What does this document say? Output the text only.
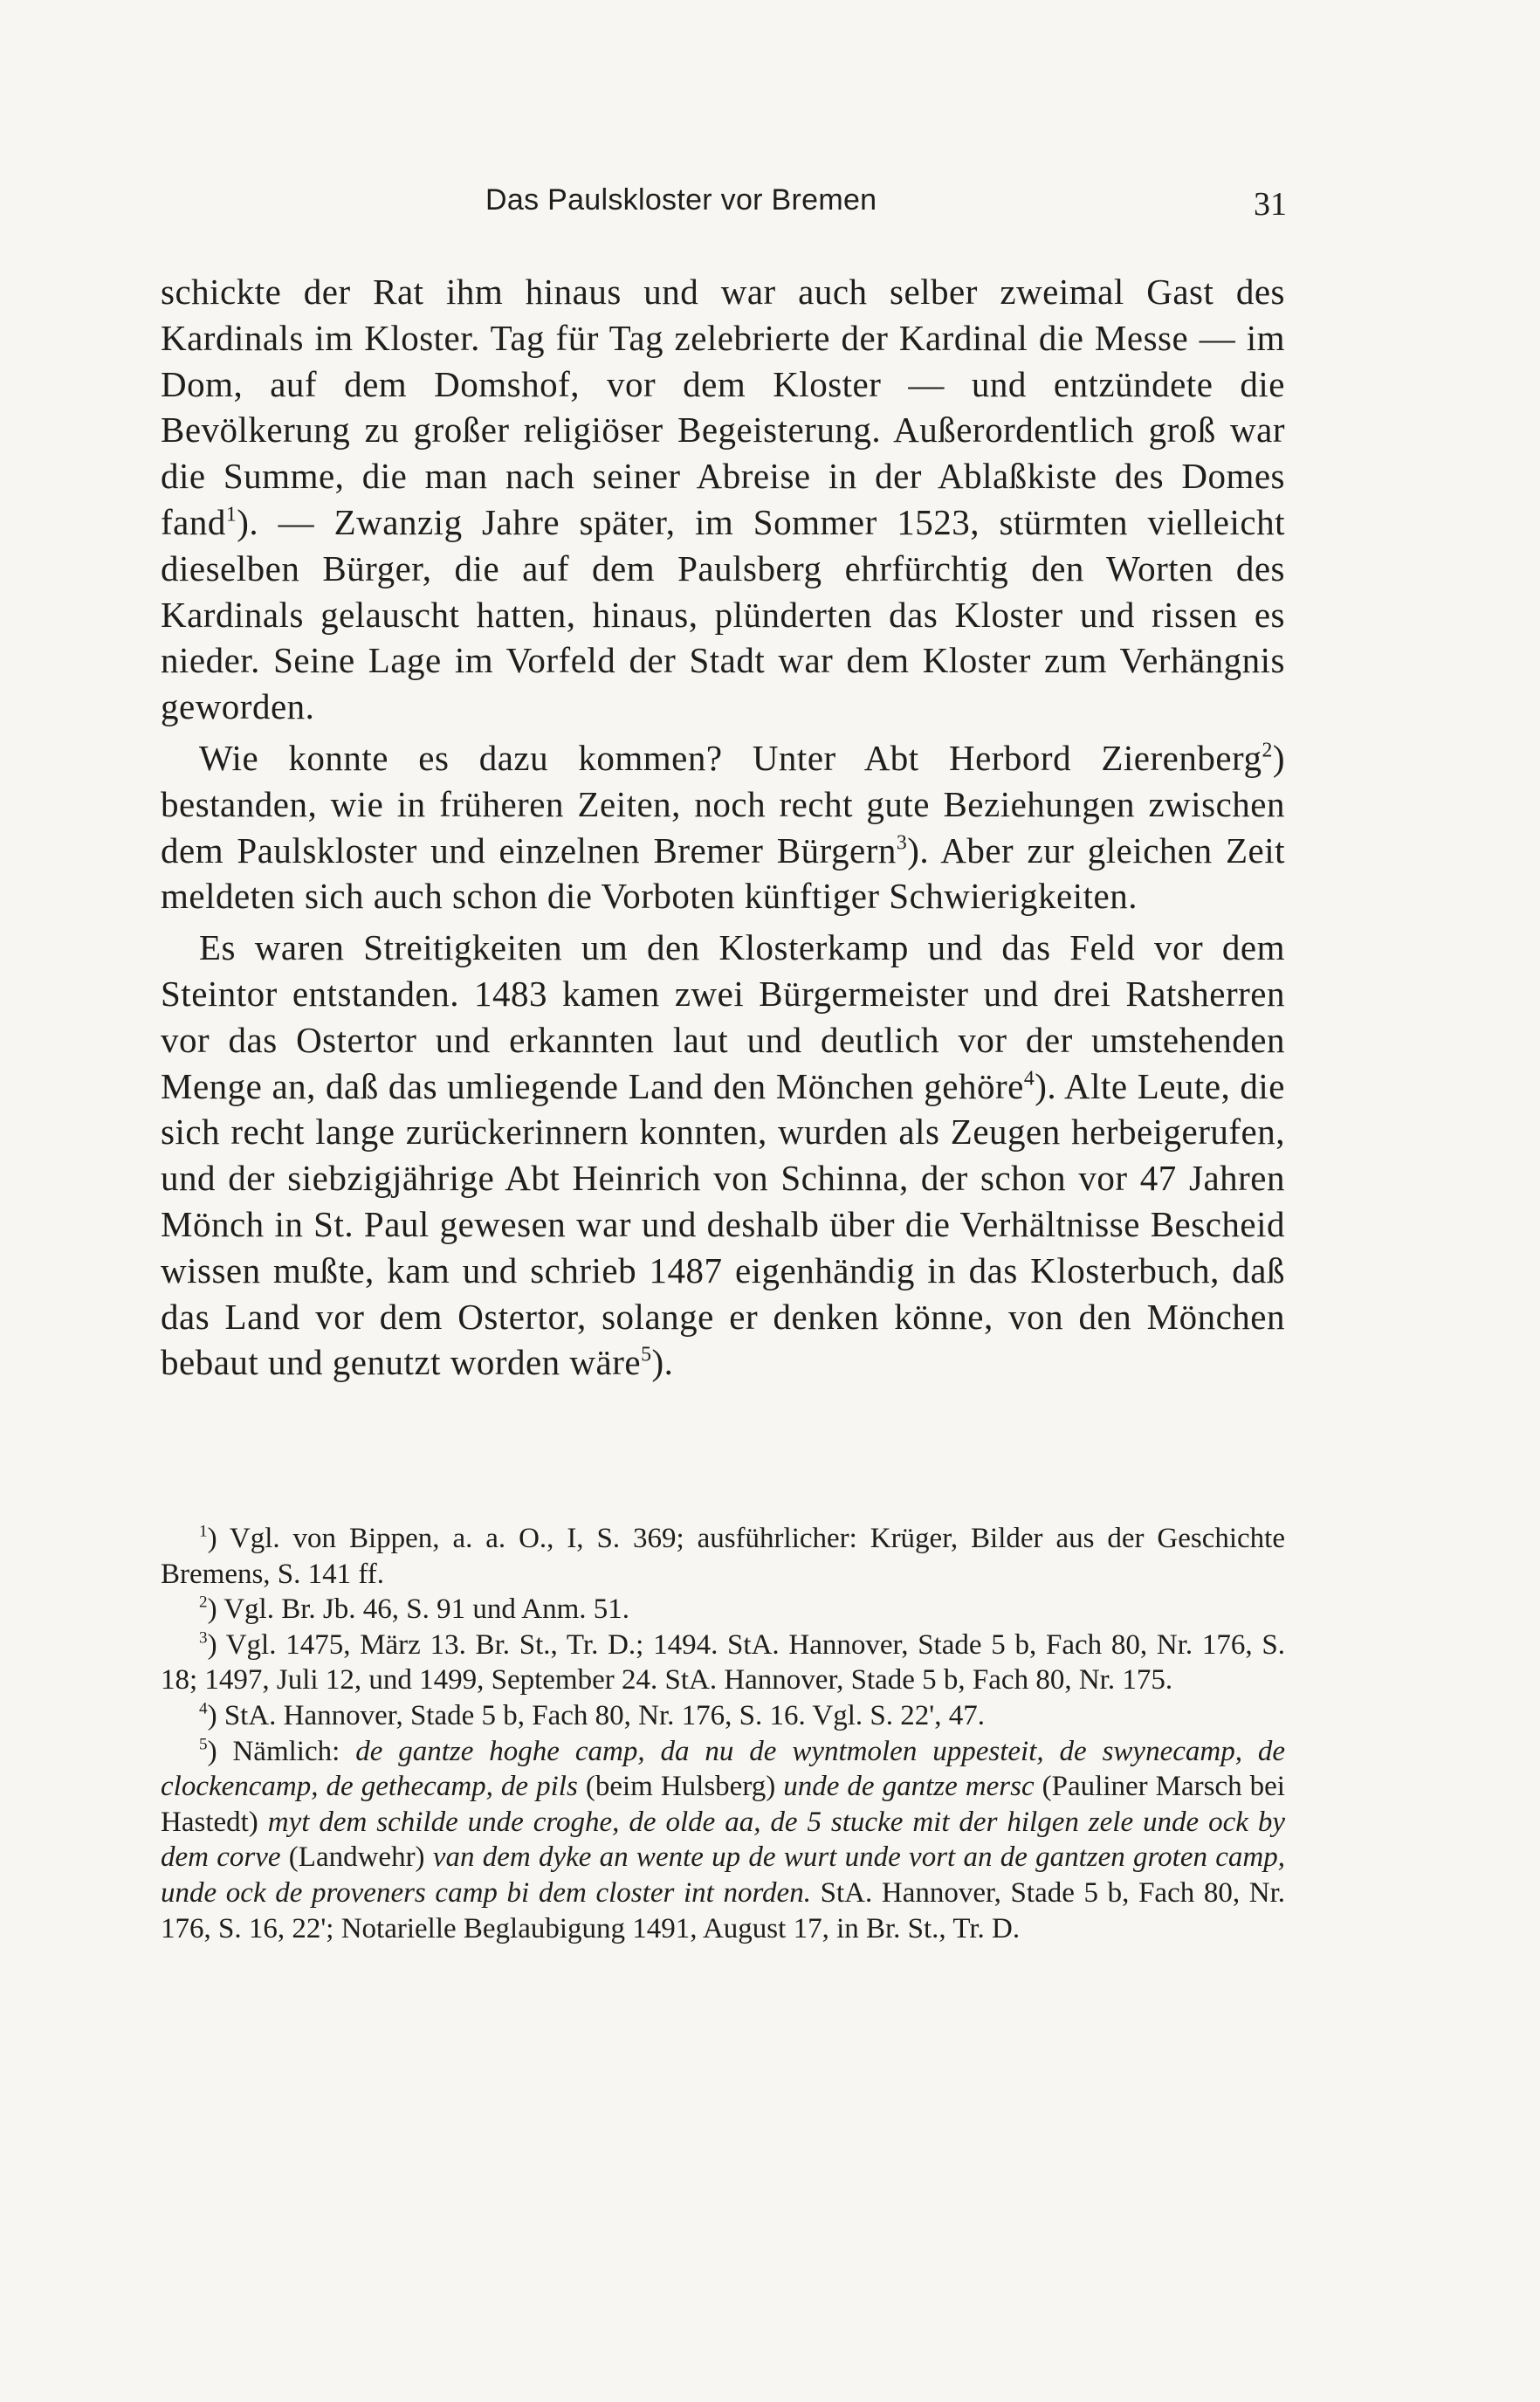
Das Paulskloster vor Bremen	31

schickte der Rat ihm hinaus und war auch selber zweimal Gast des Kardinals im Kloster. Tag für Tag zelebrierte der Kardinal die Messe — im Dom, auf dem Domshof, vor dem Kloster — und entzündete die Bevölkerung zu großer religiöser Begeisterung. Außerordentlich groß war die Summe, die man nach seiner Abreise in der Ablaßkiste des Domes fand$^1$). — Zwanzig Jahre später, im Sommer 1523, stürmten vielleicht dieselben Bürger, die auf dem Paulsberg ehrfürchtig den Worten des Kardinals gelauscht hatten, hinaus, plünderten das Kloster und rissen es nieder. Seine Lage im Vorfeld der Stadt war dem Kloster zum Verhängnis geworden.

Wie konnte es dazu kommen? Unter Abt Herbord Zierenberg$^2$) bestanden, wie in früheren Zeiten, noch recht gute Beziehungen zwischen dem Paulskloster und einzelnen Bremer Bürgern$^3$). Aber zur gleichen Zeit meldeten sich auch schon die Vorboten künftiger Schwierigkeiten.

Es waren Streitigkeiten um den Klosterkamp und das Feld vor dem Steintor entstanden. 1483 kamen zwei Bürgermeister und drei Ratsherren vor das Ostertor und erkannten laut und deutlich vor der umstehenden Menge an, daß das umliegende Land den Mönchen gehöre$^4$). Alte Leute, die sich recht lange zurückerinnern konnten, wurden als Zeugen herbeigerufen, und der siebzigjährige Abt Heinrich von Schinna, der schon vor 47 Jahren Mönch in St. Paul gewesen war und deshalb über die Verhältnisse Bescheid wissen mußte, kam und schrieb 1487 eigenhändig in das Klosterbuch, daß das Land vor dem Ostertor, solange er denken könne, von den Mönchen bebaut und genutzt worden wäre$^5$).

$^1$) Vgl. von Bippen, a. a. O., I, S. 369; ausführlicher: Krüger, Bilder aus der Geschichte Bremens, S. 141 ff.

$^2$) Vgl. Br. Jb. 46, S. 91 und Anm. 51.

$^3$) Vgl. 1475, März 13. Br. St., Tr. D.; 1494. StA. Hannover, Stade 5 b, Fach 80, Nr. 176, S. 18; 1497, Juli 12, und 1499, September 24. StA. Hannover, Stade 5 b, Fach 80, Nr. 175.

$^4$) StA. Hannover, Stade 5 b, Fach 80, Nr. 176, S. 16. Vgl. S. 22', 47.

$^5$) Nämlich: de gantze hoghe camp, da nu de wyntmolen uppesteit, de swynecamp, de clockencamp, de gethecamp, de pils (beim Hulsberg) unde de gantze mersc (Pauliner Marsch bei Hastedt) myt dem schilde unde croghe, de olde aa, de 5 stucke mit der hilgen zele unde ock by dem corve (Landwehr) van dem dyke an wente up de wurt unde vort an de gantzen groten camp, unde ock de proveners camp bi dem closter int norden. StA. Hannover, Stade 5 b, Fach 80, Nr. 176, S. 16, 22'; Notarielle Beglaubigung 1491, August 17, in Br. St., Tr. D.
